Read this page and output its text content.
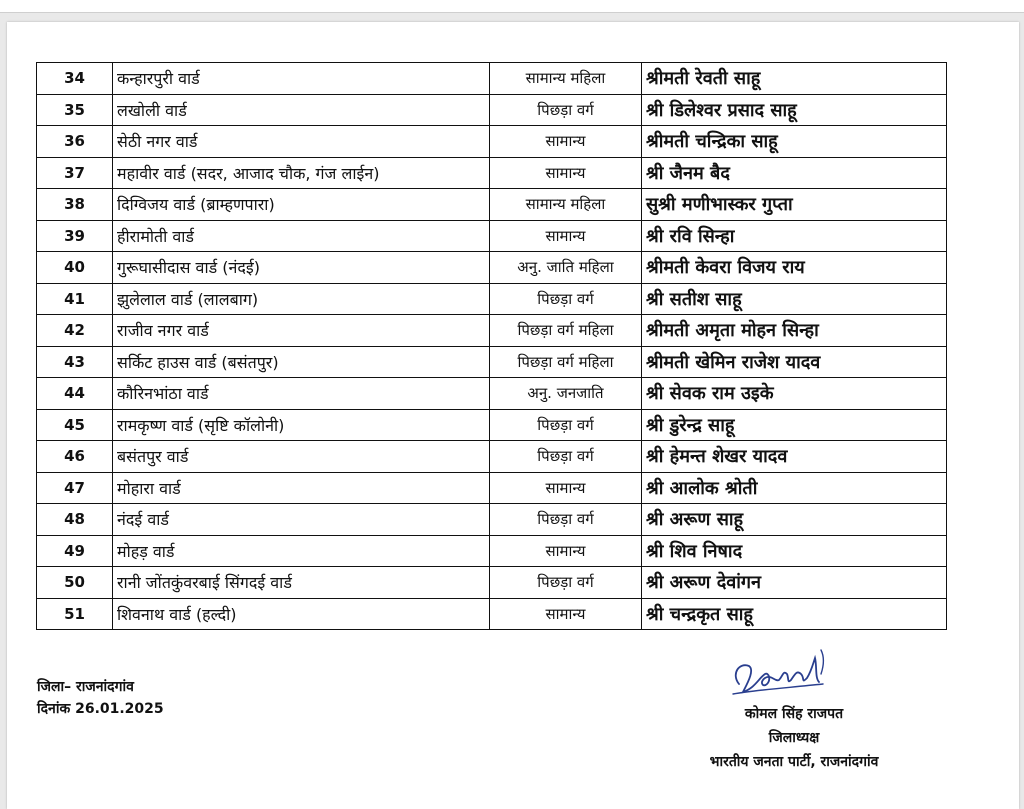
34	कन्हारपुरी वार्ड	सामान्य महिला	श्रीमती रेवती साहू
35	लखोली वार्ड	पिछड़ा वर्ग	श्री डिलेश्वर प्रसाद साहू
36	सेठी नगर वार्ड	सामान्य	श्रीमती चन्द्रिका साहू
37	महावीर वार्ड (सदर, आजाद चौक, गंज लाईन)	सामान्य	श्री जैनम बैद
38	दिग्विजय वार्ड (ब्राम्हणपारा)	सामान्य महिला	सुश्री मणीभास्कर गुप्ता
39	हीरामोती वार्ड	सामान्य	श्री रवि सिन्हा
40	गुरूघासीदास वार्ड (नंदई)	अनु. जाति महिला	श्रीमती केवरा विजय राय
41	झुलेलाल वार्ड (लालबाग)	पिछड़ा वर्ग	श्री सतीश साहू
42	राजीव नगर वार्ड	पिछड़ा वर्ग महिला	श्रीमती अमृता मोहन सिन्हा
43	सर्किट हाउस वार्ड (बसंतपुर)	पिछड़ा वर्ग महिला	श्रीमती खेमिन राजेश यादव
44	कौरिनभांठा वार्ड	अनु. जनजाति	श्री सेवक राम उइके
45	रामकृष्ण वार्ड (सृष्टि कॉलोनी)	पिछड़ा वर्ग	श्री डुरेन्द्र साहू
46	बसंतपुर वार्ड	पिछड़ा वर्ग	श्री हेमन्त शेखर यादव
47	मोहारा वार्ड	सामान्य	श्री आलोक श्रोती
48	नंदई वार्ड	पिछड़ा वर्ग	श्री अरूण साहू
49	मोहड़ वार्ड	सामान्य	श्री शिव निषाद
50	रानी जोंतकुंवरबाई सिंगदई वार्ड	पिछड़ा वर्ग	श्री अरूण देवांगन
51	शिवनाथ वार्ड (हल्दी)	सामान्य	श्री चन्द्रकृत साहू
जिला– राजनांदगांव
दिनांक 26.01.2025	कोमल सिंह राजपत
जिलाध्यक्ष
भारतीय जनता पार्टी, राजनांदगांव
